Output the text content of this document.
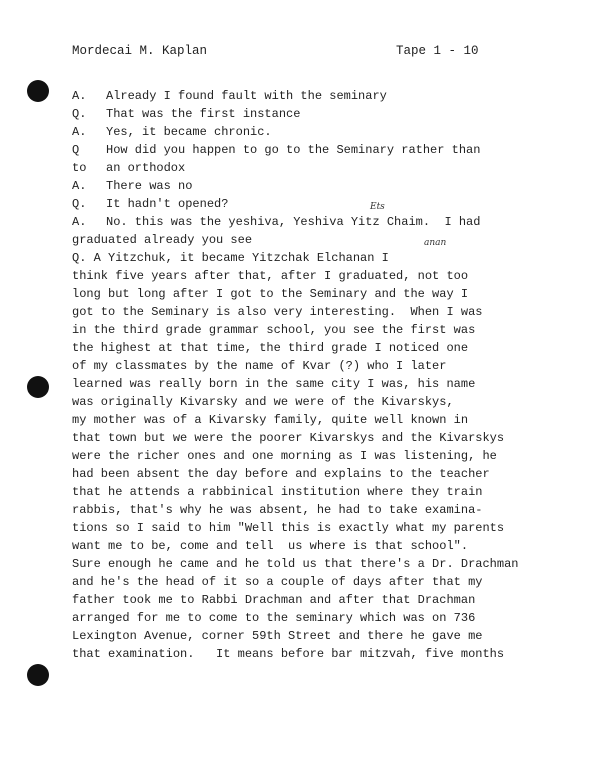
Mordecai M. Kaplan	Tape 1 - 10
A. Already I found fault with the seminary
Q. That was the first instance
A. Yes, it became chronic.
Q How did you happen to go to the Seminary rather than
to an orthodox
A. There was no
Q. It hadn't opened?
A. No. this was the yeshiva, Yeshiva Yitz Chaim.  I had
Ets
graduated already you see
Q. A Yitzchuk, it became Yitzchak Elchanan I
anan
think five years after that, after I graduated, not too
long but long after I got to the Seminary and the way I
got to the Seminary is also very interesting.  When I was
in the third grade grammar school, you see the first was
the highest at that time, the third grade I noticed one
of my classmates by the name of Kvar (?) who I later
learned was really born in the same city I was, his name
was originally Kivarsky and we were of the Kivarskys,
my mother was of a Kivarsky family, quite well known in
that town but we were the poorer Kivarskys and the Kivarskys
were the richer ones and one morning as I was listening, he
had been absent the day before and explains to the teacher
that he attends a rabbinical institution where they train
rabbis, that's why he was absent, he had to take examina-
tions so I said to him "Well this is exactly what my parents
want me to be, come and tell  us where is that school".
Sure enough he came and he told us that there's a Dr. Drachman
and he's the head of it so a couple of days after that my
father took me to Rabbi Drachman and after that Drachman
arranged for me to come to the seminary which was on 736
Lexington Avenue, corner 59th Street and there he gave me
that examination.   It means before bar mitzvah, five months
